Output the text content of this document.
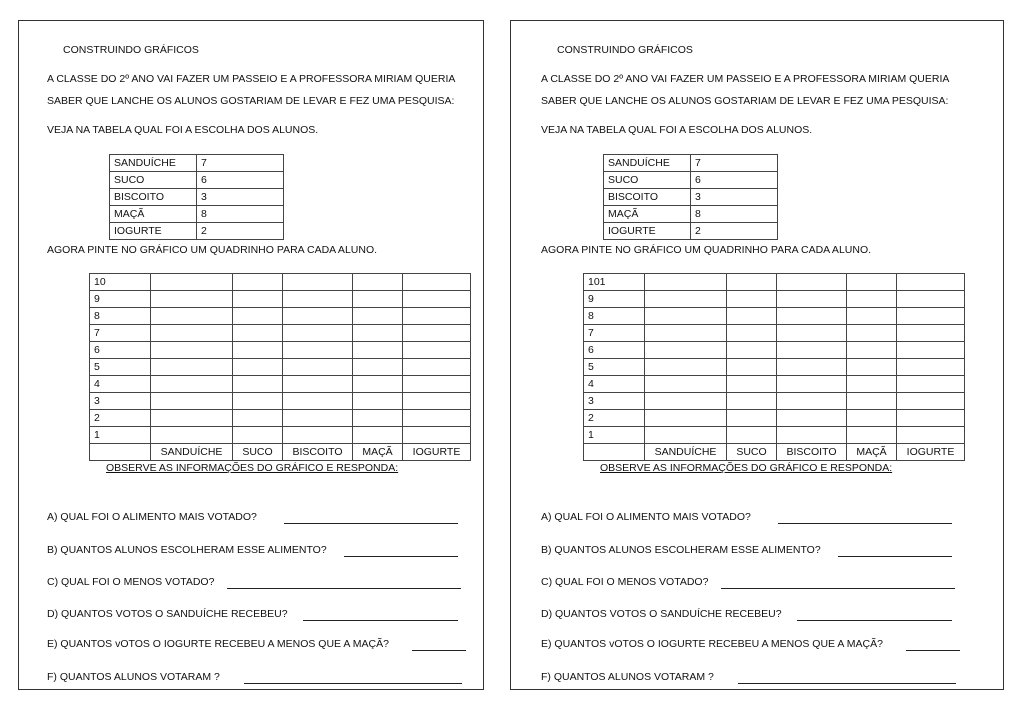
CONSTRUINDO GRÁFICOS
A CLASSE DO 2º ANO VAI FAZER UM PASSEIO E A PROFESSORA MIRIAM QUERIA
SABER QUE LANCHE OS ALUNOS GOSTARIAM DE LEVAR E FEZ UMA PESQUISA:
VEJA NA TABELA QUAL FOI A ESCOLHA DOS ALUNOS.
SANDUÍCHE	7
SUCO	6
BISCOITO	3
MAÇÃ	8
IOGURTE	2
AGORA PINTE NO GRÁFICO UM QUADRINHO PARA CADA ALUNO.
10					
9					
8					
7					
6					
5					
4					
3					
2					
1					
	SANDUÍCHE	SUCO	BISCOITO	MAÇÃ	IOGURTE
OBSERVE AS INFORMAÇÕES DO GRÁFICO E RESPONDA:
A) QUAL FOI O ALIMENTO MAIS VOTADO?
B) QUANTOS ALUNOS ESCOLHERAM ESSE ALIMENTO?
C) QUAL FOI O MENOS VOTADO?
D) QUANTOS VOTOS O SANDUÍCHE RECEBEU?
E) QUANTOS vOTOS O IOGURTE RECEBEU A MENOS QUE A MAÇÃ?
F) QUANTOS ALUNOS VOTARAM ?
CONSTRUINDO GRÁFICOS
A CLASSE DO 2º ANO VAI FAZER UM PASSEIO E A PROFESSORA MIRIAM QUERIA
SABER QUE LANCHE OS ALUNOS GOSTARIAM DE LEVAR E FEZ UMA PESQUISA:
VEJA NA TABELA QUAL FOI A ESCOLHA DOS ALUNOS.
SANDUÍCHE	7
SUCO	6
BISCOITO	3
MAÇÃ	8
IOGURTE	2
AGORA PINTE NO GRÁFICO UM QUADRINHO PARA CADA ALUNO.
101					
9					
8					
7					
6					
5					
4					
3					
2					
1					
	SANDUÍCHE	SUCO	BISCOITO	MAÇÃ	IOGURTE
OBSERVE AS INFORMAÇÕES DO GRÁFICO E RESPONDA:
A) QUAL FOI O ALIMENTO MAIS VOTADO?
B) QUANTOS ALUNOS ESCOLHERAM ESSE ALIMENTO?
C) QUAL FOI O MENOS VOTADO?
D) QUANTOS VOTOS O SANDUÍCHE RECEBEU?
E) QUANTOS vOTOS O IOGURTE RECEBEU A MENOS QUE A MAÇÃ?
F) QUANTOS ALUNOS VOTARAM ?
